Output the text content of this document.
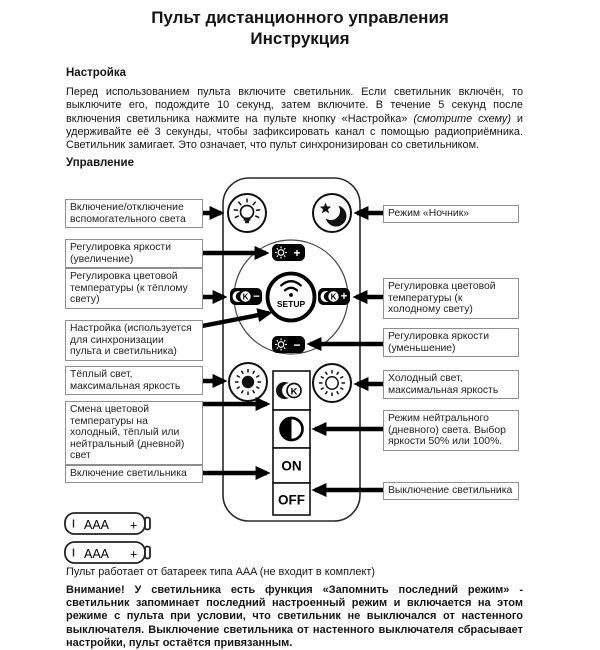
Пульт дистанционного управления
Инструкция
Настройка
Перед использованием пульта включите светильник. Если светильник включён, то выключите его, подождите 10 секунд, затем включите. В течение 5 секунд после включения светильника нажмите на пульте кнопку «Настройка» (смотрите схему) и удерживайте её 3 секунды, чтобы зафиксировать канал с помощью радиоприёмника. Светильник замигает. Это означает, что пульт синхронизирован со светильником.
Управление
+
K −	K +
−
SETUP
K
ON
OFF
AAA +
AAA +
Включение/отключение вспомогательного света
Регулировка яркости (увеличение)
Регулировка цветовой температуры (к тёплому свету)
Настройка (используется для синхронизации пульта и светильника)
Тёплый свет, максимальная яркость
Смена цветовой температуры на холодный, тёплый или нейтральный (дневной) свет
Включение светильника
Режим «Ночник»
Регулировка цветовой температуры (к холодному свету)
Регулировка яркости (уменьшение)
Холодный свет, максимальная яркость
Режим нейтрального (дневного) света. Выбор яркости 50% или 100%.
Выключение светильника
Пульт работает от батареек типа AAA (не входит в комплект)
Внимание! У светильника есть функция «Запомнить последний режим» - светильник запоминает последний настроенный режим и включается на этом режиме с пульта при условии, что светильник не выключался от настенного выключателя. Выключение светильника от настенного выключателя сбрасывает настройки, пульт остаётся привязанным.
